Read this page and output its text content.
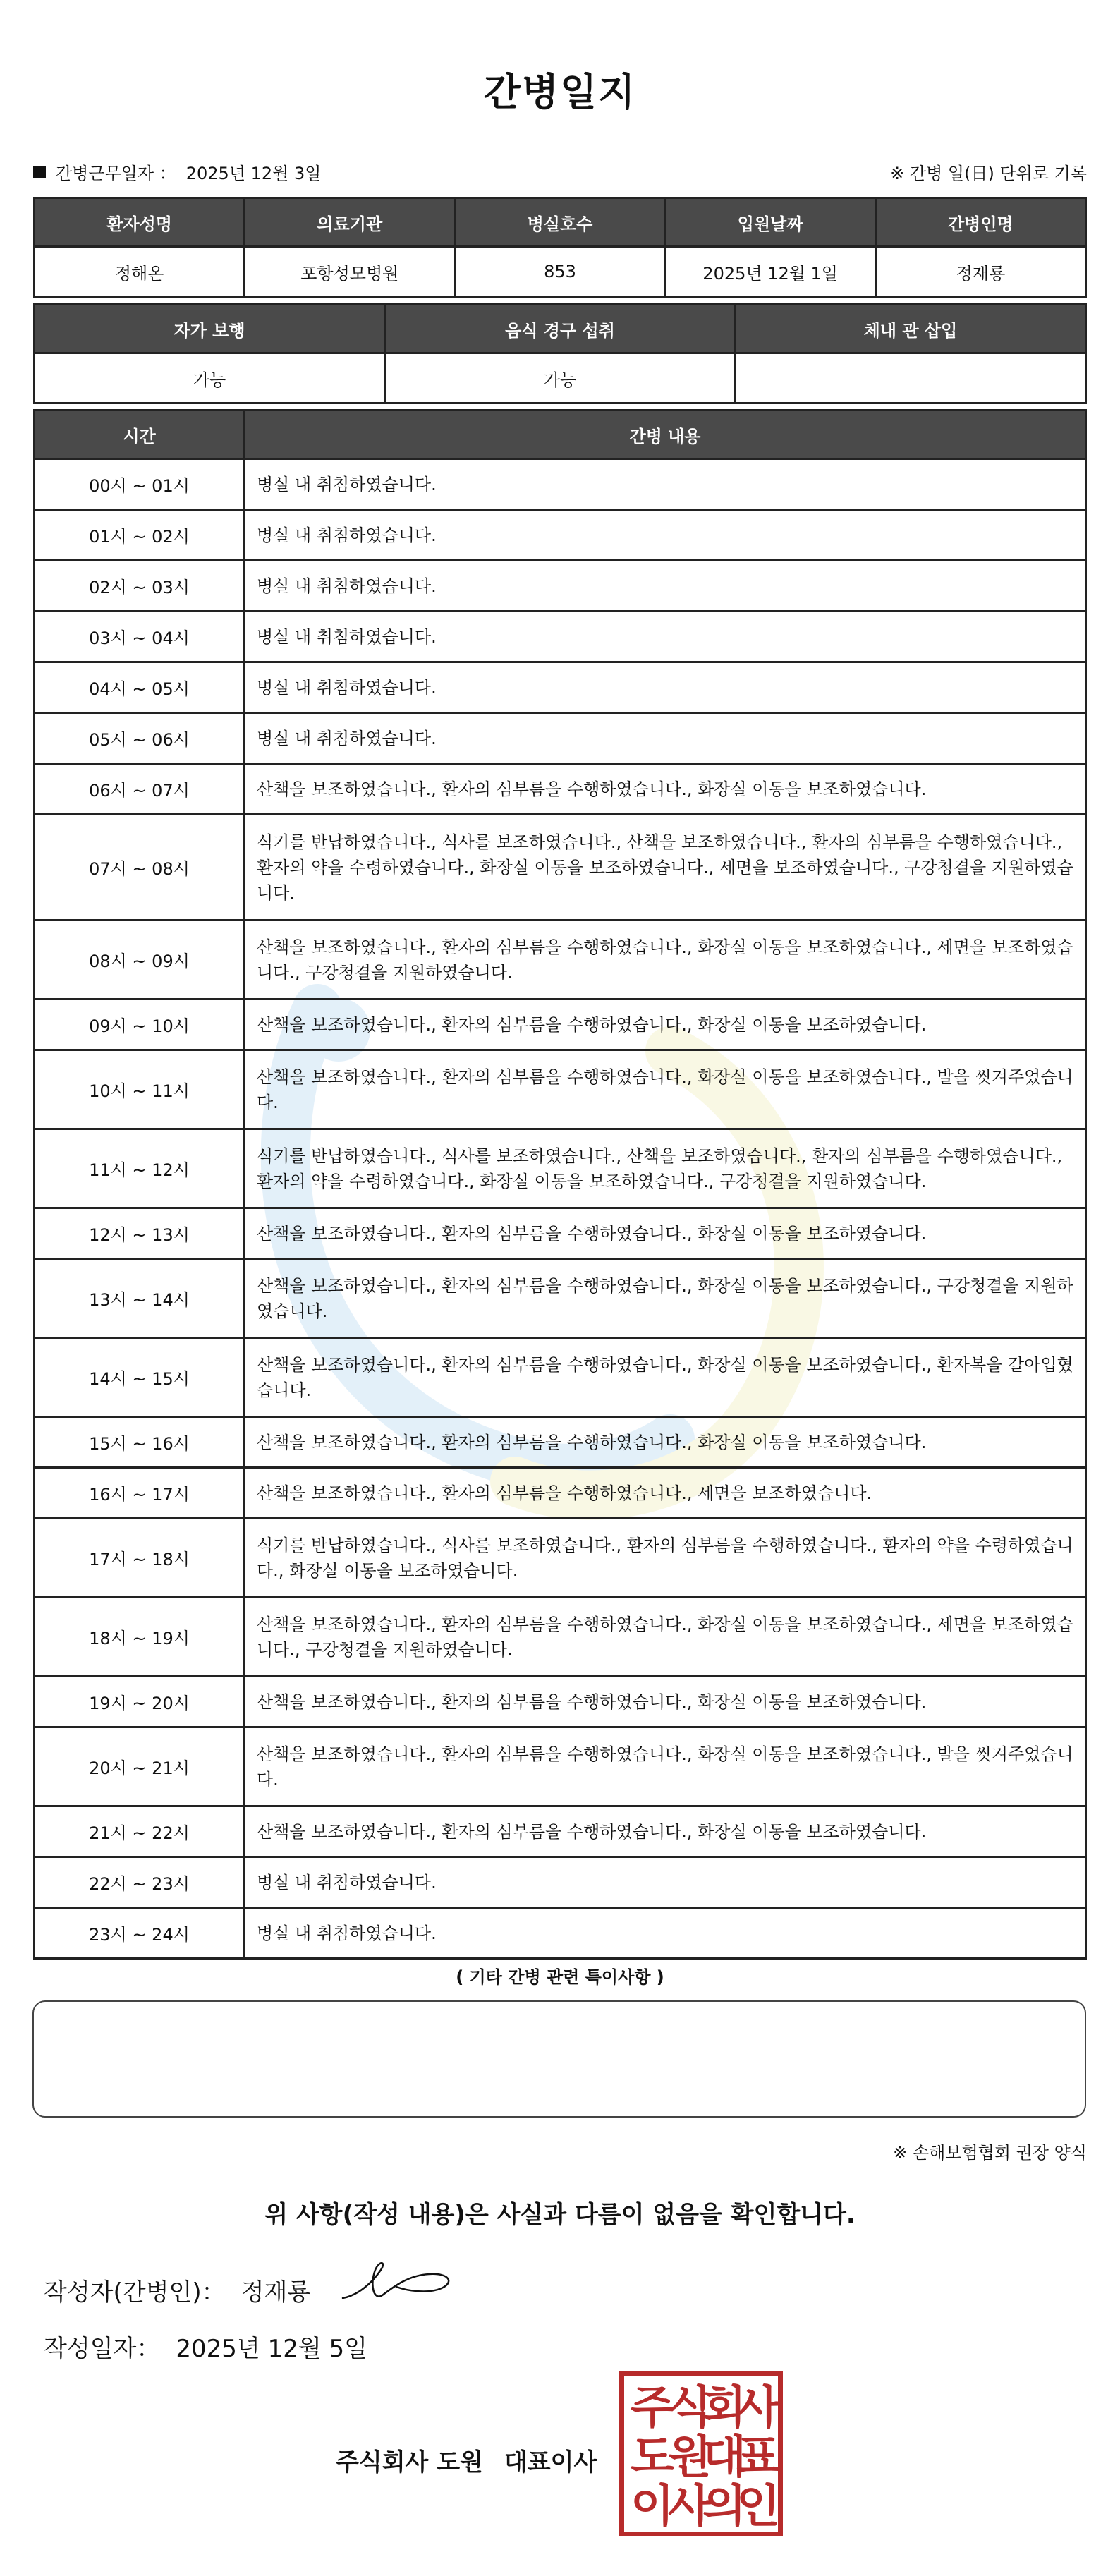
간병일지
간병근무일자 ： 2025년 12월 3일	※ 간병 일(日) 단위로 기록
환자성명	의료기관	병실호수	입원날짜	간병인명
정해온	포항성모병원	853	2025년 12월 1일	정재룡
자가 보행	음식 경구 섭취	체내 관 삽입
가능	가능	
시간	간병 내용
00시 ~ 01시	병실 내 취침하였습니다.
01시 ~ 02시	병실 내 취침하였습니다.
02시 ~ 03시	병실 내 취침하였습니다.
03시 ~ 04시	병실 내 취침하였습니다.
04시 ~ 05시	병실 내 취침하였습니다.
05시 ~ 06시	병실 내 취침하였습니다.
06시 ~ 07시	산책을 보조하였습니다., 환자의 심부름을 수행하였습니다., 화장실 이동을 보조하였습니다.
07시 ~ 08시	식기를 반납하였습니다., 식사를 보조하였습니다., 산책을 보조하였습니다., 환자의 심부름을 수행하였습니다., 환자의 약을 수령하였습니다., 화장실 이동을 보조하였습니다., 세면을 보조하였습니다., 구강청결을 지원하였습니다.
08시 ~ 09시	산책을 보조하였습니다., 환자의 심부름을 수행하였습니다., 화장실 이동을 보조하였습니다., 세면을 보조하였습니다., 구강청결을 지원하였습니다.
09시 ~ 10시	산책을 보조하였습니다., 환자의 심부름을 수행하였습니다., 화장실 이동을 보조하였습니다.
10시 ~ 11시	산책을 보조하였습니다., 환자의 심부름을 수행하였습니다., 화장실 이동을 보조하였습니다., 발을 씻겨주었습니다.
11시 ~ 12시	식기를 반납하였습니다., 식사를 보조하였습니다., 산책을 보조하였습니다., 환자의 심부름을 수행하였습니다., 환자의 약을 수령하였습니다., 화장실 이동을 보조하였습니다., 구강청결을 지원하였습니다.
12시 ~ 13시	산책을 보조하였습니다., 환자의 심부름을 수행하였습니다., 화장실 이동을 보조하였습니다.
13시 ~ 14시	산책을 보조하였습니다., 환자의 심부름을 수행하였습니다., 화장실 이동을 보조하였습니다., 구강청결을 지원하였습니다.
14시 ~ 15시	산책을 보조하였습니다., 환자의 심부름을 수행하였습니다., 화장실 이동을 보조하였습니다., 환자복을 갈아입혔습니다.
15시 ~ 16시	산책을 보조하였습니다., 환자의 심부름을 수행하였습니다., 화장실 이동을 보조하였습니다.
16시 ~ 17시	산책을 보조하였습니다., 환자의 심부름을 수행하였습니다., 세면을 보조하였습니다.
17시 ~ 18시	식기를 반납하였습니다., 식사를 보조하였습니다., 환자의 심부름을 수행하였습니다., 환자의 약을 수령하였습니다., 화장실 이동을 보조하였습니다.
18시 ~ 19시	산책을 보조하였습니다., 환자의 심부름을 수행하였습니다., 화장실 이동을 보조하였습니다., 세면을 보조하였습니다., 구강청결을 지원하였습니다.
19시 ~ 20시	산책을 보조하였습니다., 환자의 심부름을 수행하였습니다., 화장실 이동을 보조하였습니다.
20시 ~ 21시	산책을 보조하였습니다., 환자의 심부름을 수행하였습니다., 화장실 이동을 보조하였습니다., 발을 씻겨주었습니다.
21시 ~ 22시	산책을 보조하였습니다., 환자의 심부름을 수행하였습니다., 화장실 이동을 보조하였습니다.
22시 ~ 23시	병실 내 취침하였습니다.
23시 ~ 24시	병실 내 취침하였습니다.
( 기타 간병 관련 특이사항 )
※ 손해보험협회 권장 양식
위 사항(작성 내용)은 사실과 다름이 없음을 확인합니다.
작성자(간병인)： 정재룡
작성일자： 2025년 12월 5일
주식회사 도원 대표이사
주
식
회
사
도
원
대
표
이
사
의
인
